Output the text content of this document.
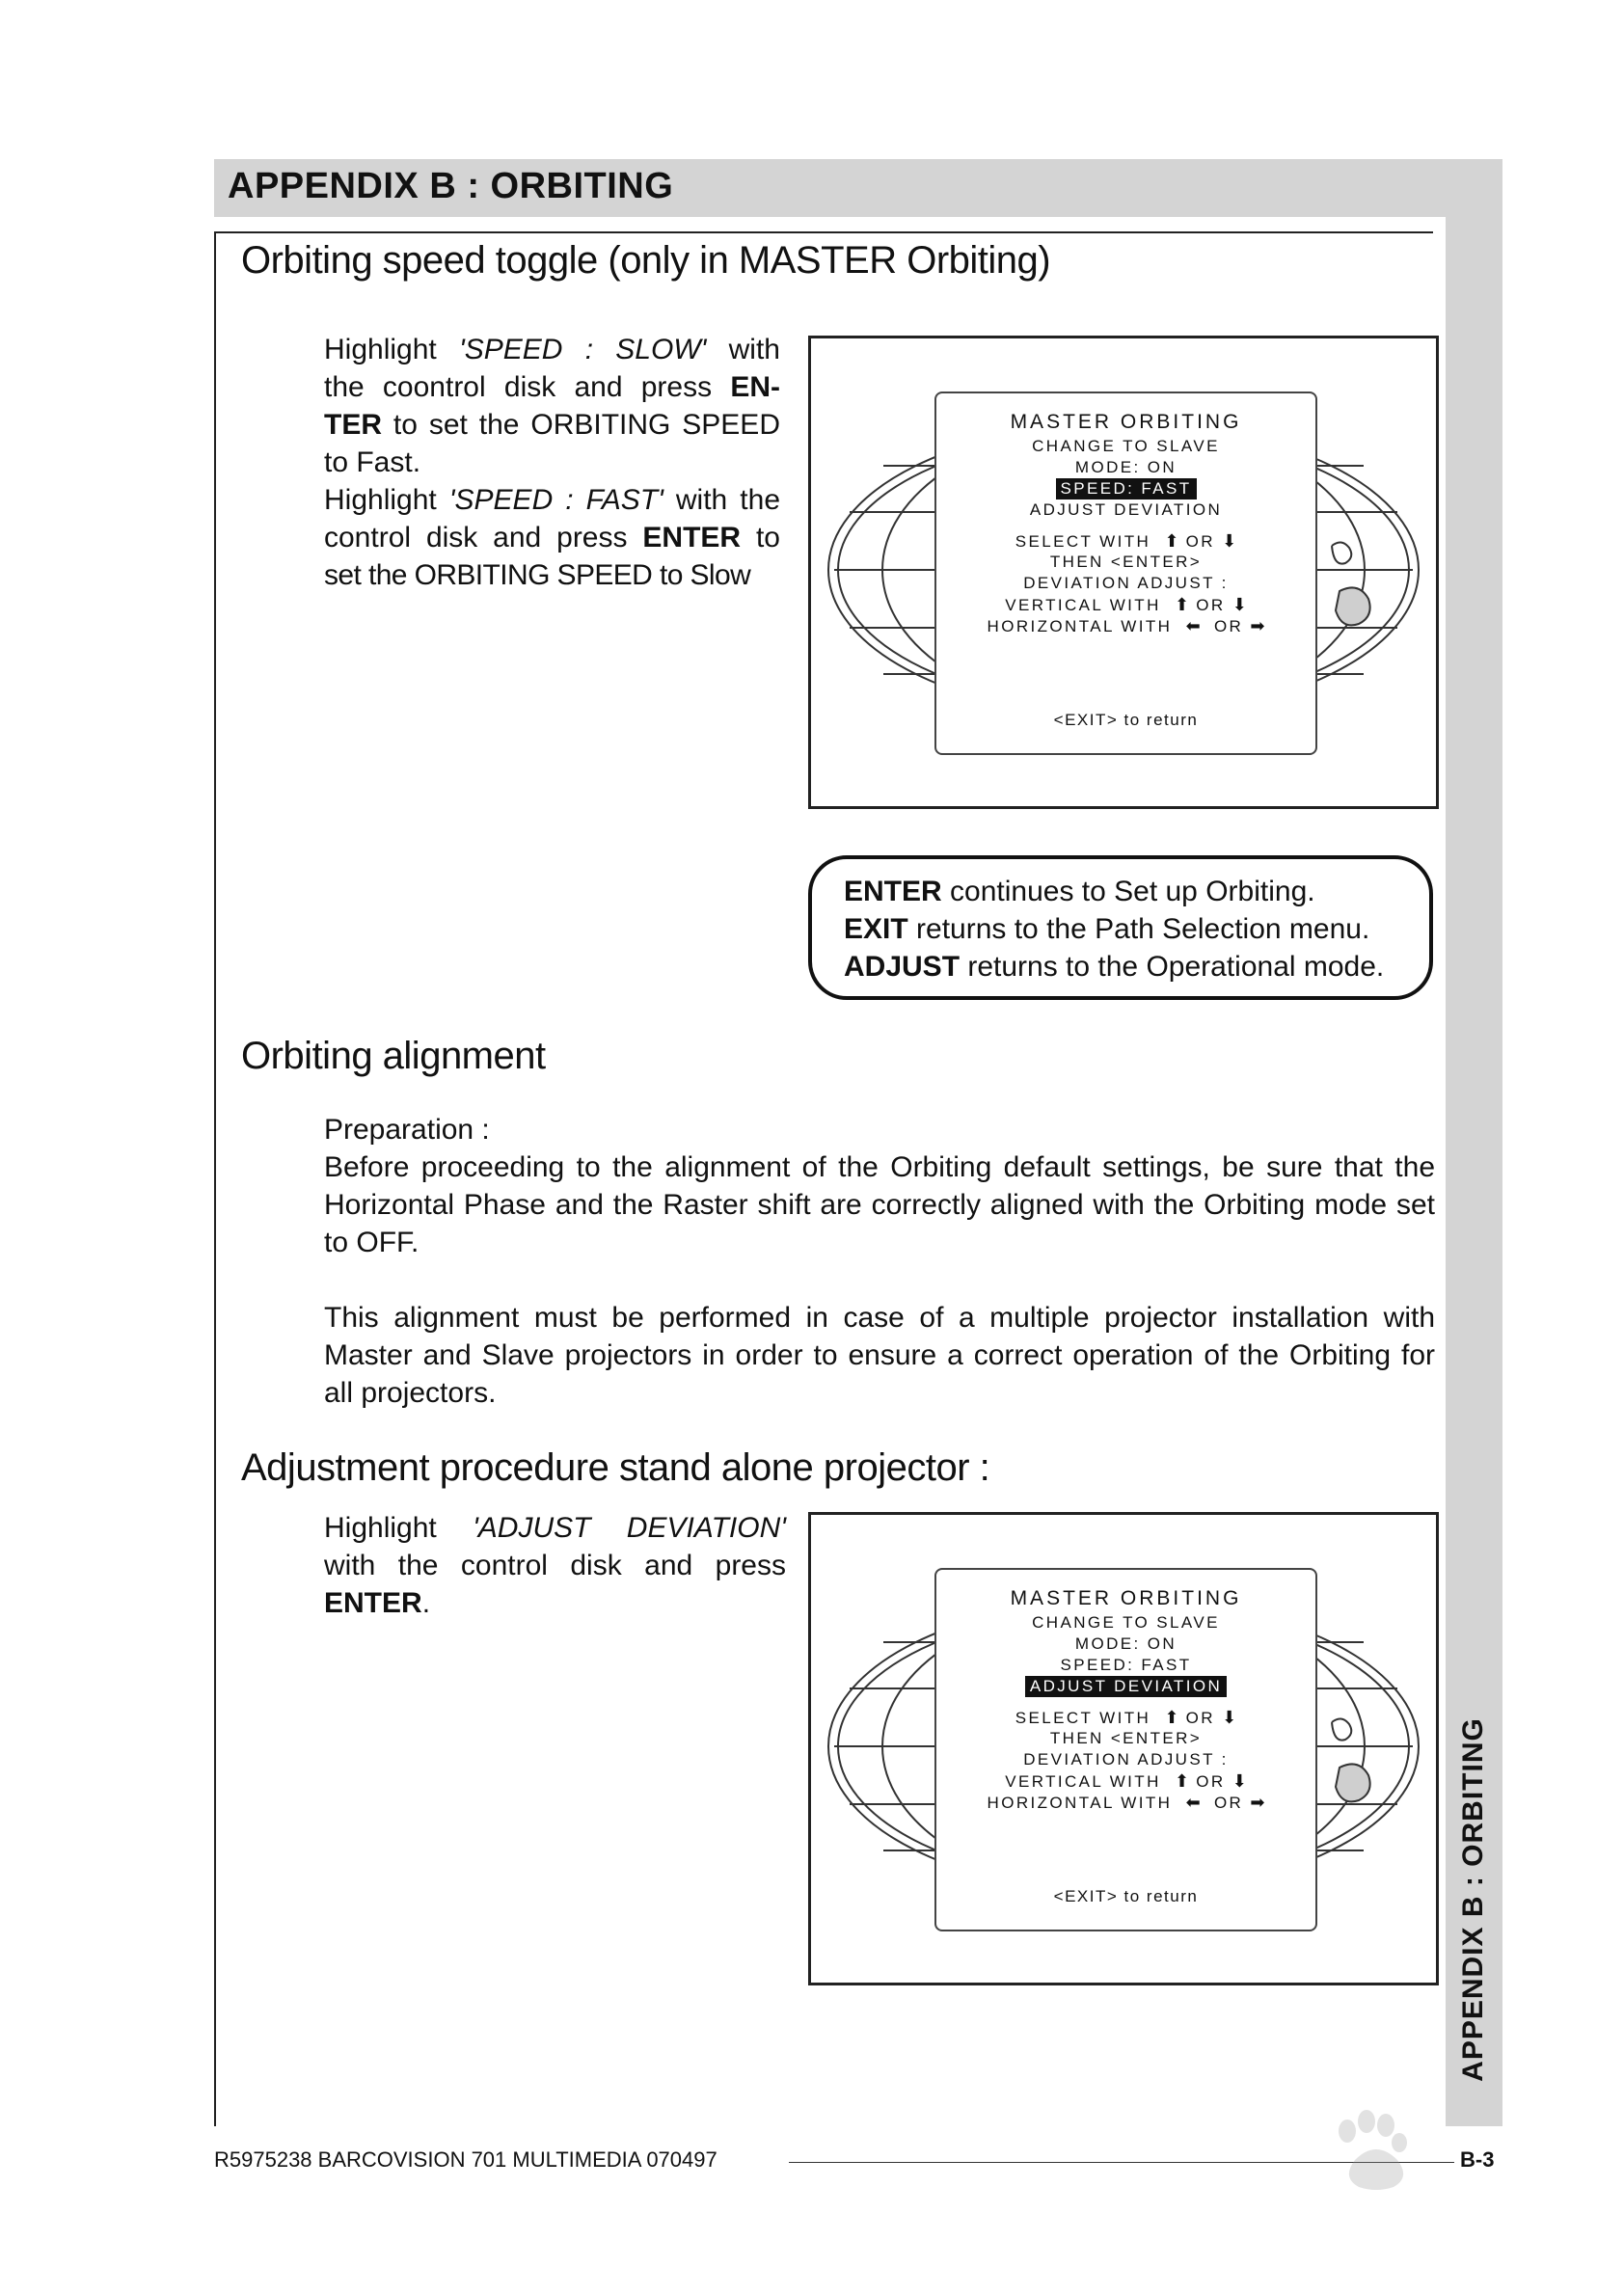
APPENDIX B : ORBITING
APPENDIX B : ORBITING
Orbiting speed toggle (only in MASTER Orbiting)
Highlight 'SPEED : SLOW' with
the coontrol disk and press EN-
TER to set the ORBITING SPEED
to Fast.
Highlight 'SPEED : FAST' with the
control disk and press ENTER to
set the ORBITING SPEED to Slow
MASTER ORBITING
CHANGE TO SLAVE
MODE: ON
SPEED: FAST
ADJUST DEVIATION
SELECT WITH ⬆ OR ⬇
THEN <ENTER>
DEVIATION ADJUST :
VERTICAL WITH ⬆ OR ⬇
HORIZONTAL WITH ⬅ OR ➡
<EXIT> to return
ENTER continues to Set up Orbiting.
EXIT returns to the Path Selection menu.
ADJUST returns to the Operational mode.
Orbiting alignment
Preparation :
Before proceeding to the alignment of the Orbiting default settings, be sure that the Horizontal Phase and the Raster shift are correctly aligned with the Orbiting mode set to OFF.
This alignment must be performed in case of a multiple projector installation with Master and Slave projectors in order to ensure a correct operation of the Orbiting for all projectors.
Adjustment procedure stand alone projector :
Highlight 'ADJUST DEVIATION'
with the control disk and press
ENTER.	MASTER ORBITING
CHANGE TO SLAVE
MODE: ON
SPEED: FAST
ADJUST DEVIATION
SELECT WITH ⬆ OR ⬇
THEN <ENTER>
DEVIATION ADJUST :
VERTICAL WITH ⬆ OR ⬇
HORIZONTAL WITH ⬅ OR ➡
<EXIT> to return
R5975238 BARCOVISION 701 MULTIMEDIA 070497	B-3
